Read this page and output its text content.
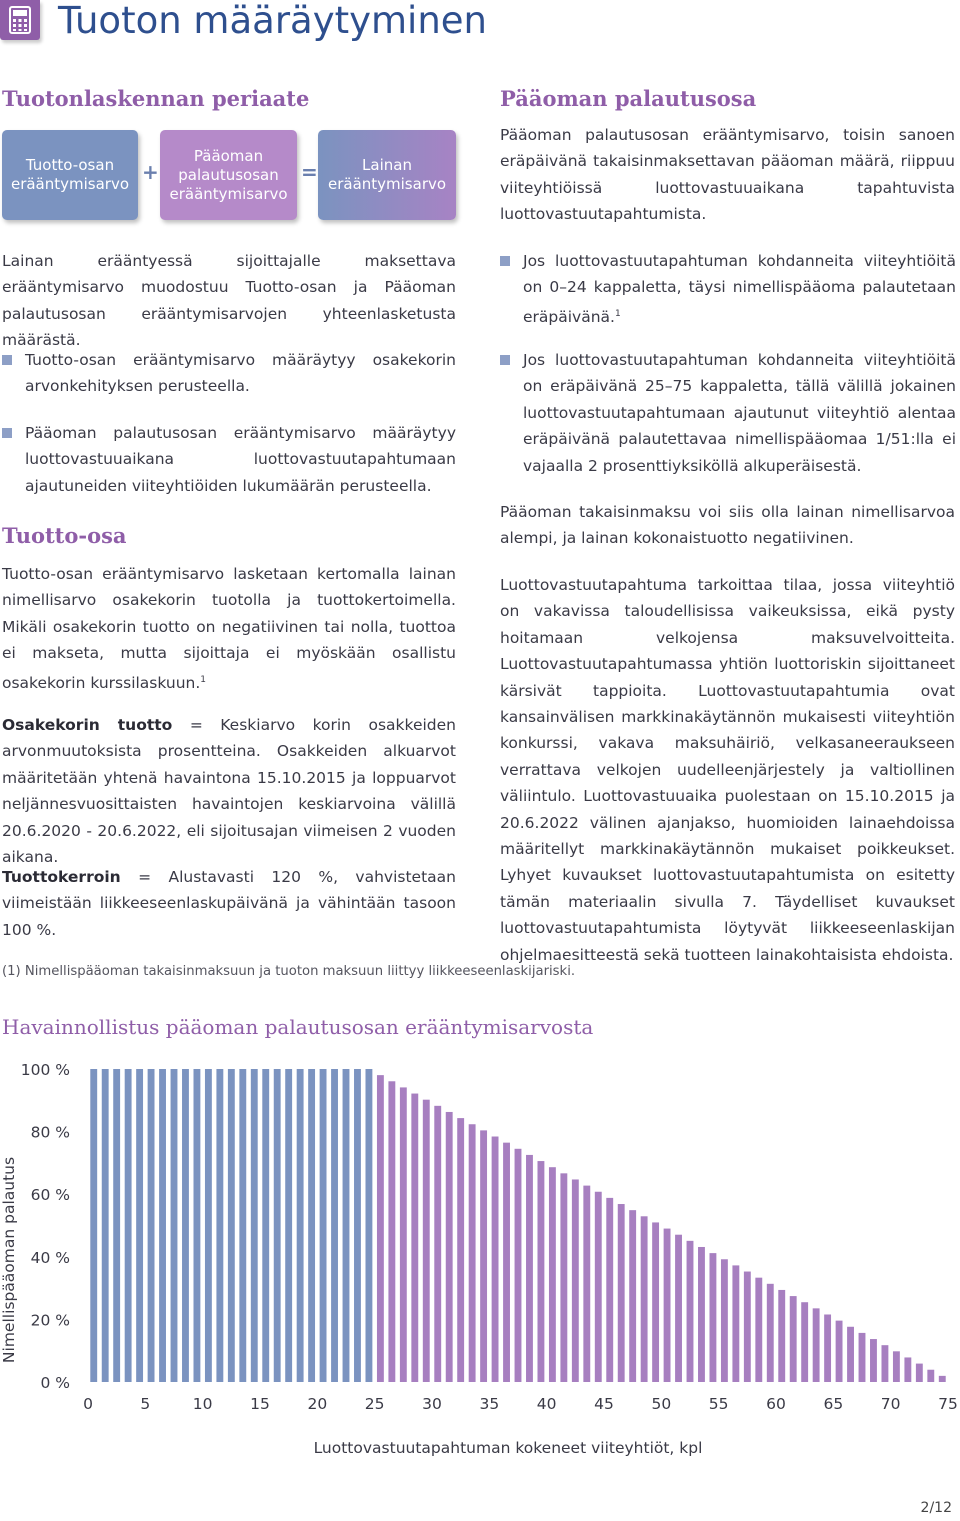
Tuoton määräytyminen
Tuotonlaskennan periaate
Tuotto-osan erääntymisarvo +
Pääoman palautusosan erääntymisarvo
=	Lainan erääntymisarvo

Lainan erääntyessä sijoittajalle maksettava erääntymisarvo muodostuu Tuotto-osan ja Pääoman palautusosan erääntymisarvojen yhteenlasketusta määrästä.

Tuotto-osan erääntymisarvo määräytyy osakekorin arvonkehityksen perusteella.
Pääoman palautusosan erääntymisarvo määräytyy luottovastuuaikana luottovastuutapahtumaan ajautuneiden viiteyhtiöiden lukumäärän perusteella.
Tuotto-osa

Tuotto-osan erääntymisarvo lasketaan kertomalla lainan nimellisarvo osakekorin tuotolla ja tuottokertoimella. Mikäli osakekorin tuotto on negatiivinen tai nolla, tuottoa ei makseta, mutta sijoittaja ei myöskään osallistu osakekorin kurssilaskuun.$^1$

Osakekorin tuotto = Keskiarvo korin osakkeiden arvonmuutoksista prosentteina. Osakkeiden alkuarvot määritetään yhtenä havaintona 15.10.2015 ja loppuarvot neljännesvuosittaisten havaintojen keskiarvoina välillä 20.6.2020 - 20.6.2022, eli sijoitusajan viimeisen 2 vuoden aikana.

Tuottokerroin = Alustavasti 120 %, vahvistetaan viimeistään liikkeeseenlaskupäivänä ja vähintään tasoon 100 %.

Pääoman palautusosa

Pääoman palautusosan erääntymisarvo, toisin sanoen eräpäivänä takaisinmaksettavan pääoman määrä, riippuu viiteyhtiöissä luottovastuuaikana tapahtuvista luottovastuutapahtumista.

Jos luottovastuutapahtuman kohdanneita viiteyhtiöitä on 0–24 kappaletta, täysi nimellispääoma palautetaan eräpäivänä.$^1$
Jos luottovastuutapahtuman kohdanneita viiteyhtiöitä on eräpäivänä 25–75 kappaletta, tällä välillä jokainen luottovastuutapahtumaan ajautunut viiteyhtiö alentaa eräpäivänä palautettavaa nimellispääomaa 1/51:lla ei vajaalla 2 prosenttiyksiköllä alkuperäisestä.

Pääoman takaisinmaksu voi siis olla lainan nimellisarvoa alempi, ja lainan kokonaistuotto negatiivinen.

Luottovastuutapahtuma tarkoittaa tilaa, jossa viiteyhtiö on vakavissa taloudellisissa vaikeuksissa, eikä pysty hoitamaan velkojensa maksuvelvoitteita. Luottovastuutapahtumassa yhtiön luottoriskin sijoittaneet kärsivät tappioita. Luottovastuutapahtumia ovat kansainvälisen markkinakäytännön mukaisesti viiteyhtiön konkurssi, vakava maksuhäiriö, velkasaneeraukseen verrattava velkojen uudelleenjärjestely ja valtiollinen väliintulo. Luottovastuuaika puolestaan on 15.10.2015 ja 20.6.2022 välinen ajanjakso, huomioiden lainaehdoissa määritellyt markkinakäytännön mukaiset poikkeukset. Lyhyet kuvaukset luottovastuutapahtumista on esitetty tämän materiaalin sivulla 7. Täydelliset kuvaukset luottovastuutapahtumista löytyvät liikkeeseenlaskijan ohjelmaesitteestä sekä tuotteen lainakohtaisista ehdoista.

(1) Nimellispääoman takaisinmaksuun ja tuoton maksuun liittyy liikkeeseenlaskijariski.
Havainnollistus pääoman palautusosan erääntymisarvosta
Nimellispääoman palautus
0 %
20 %
40 %
60 %
80 %
100 %
0	5	10 15 20 25 30 35 40 45 50 55 60 65 70 75
Luottovastuutapahtuman kokeneet viiteyhtiöt, kpl
2/12
